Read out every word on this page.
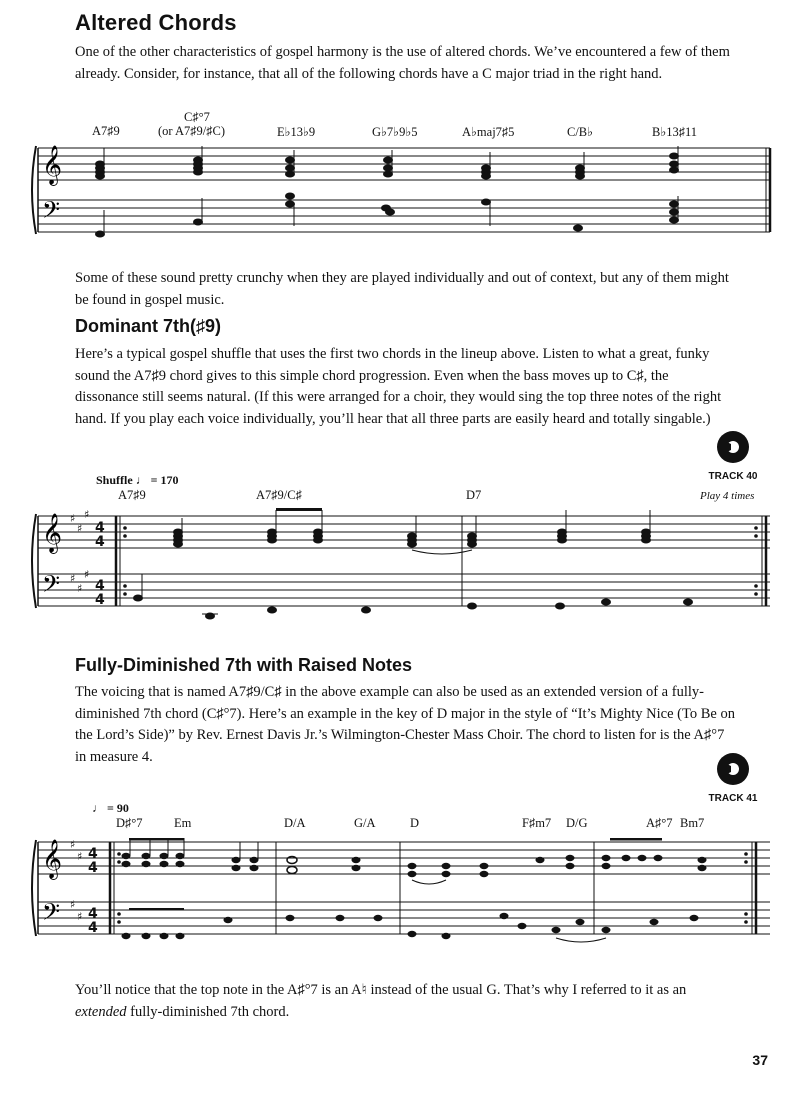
Altered Chords

One of the other characteristics of gospel harmony is the use of altered chords. We’ve encountered a few of them already. Consider, for instance, that all of the following chords have a C major triad in the right hand.

A7♯9
C♯°7
(or A7♯9/♯C)	E♭13♭9	G♭7♭9♭5	A♭maj7♯5	C/B♭	B♭13♯11
𝄞
𝄢

Some of these sound pretty crunchy when they are played individually and out of context, but any of them might be found in gospel music.

Dominant 7th(♯9)

Here’s a typical gospel shuffle that uses the first two chords in the lineup above. Listen to what a great, funky sound the A7♯9 chord gives to this simple chord progression. Even when the bass moves up to C♯, the dissonance still seems natural. (If this were arranged for a choir, they would sing the top three notes of the right hand. If you play each voice individually, you’ll hear that all three parts are easily heard and totally singable.)

TRACK 40
Shuffle ♩ = 170
A7♯9	A7♯9/C♯	D7	Play 4 times
𝄞
𝄢
♯
♯
♯
♯
♯
♯
4
4
4
4
Fully-Diminished 7th with Raised Notes

The voicing that is named A7♯9/C♯ in the above example can also be used as an extended version of a fully-diminished 7th chord (C♯°7). Here’s an example in the key of D major in the style of “It’s Mighty Nice (To Be on the Lord’s Side)” by Rev. Ernest Davis Jr.’s Wilmington-Chester Mass Choir. The chord to listen for is the A♯°7 in measure 4.

TRACK 41
♩ = 90
D♯°7	Em	D/A	G/A	D	F♯m7 D/G	A♯°7 Bm7
𝄞
𝄢
♯
♯
♯
♯
4
4
4
4

You’ll notice that the top note in the A♯°7 is an A♮ instead of the usual G. That’s why I referred to it as an extended fully-diminished 7th chord.

37
